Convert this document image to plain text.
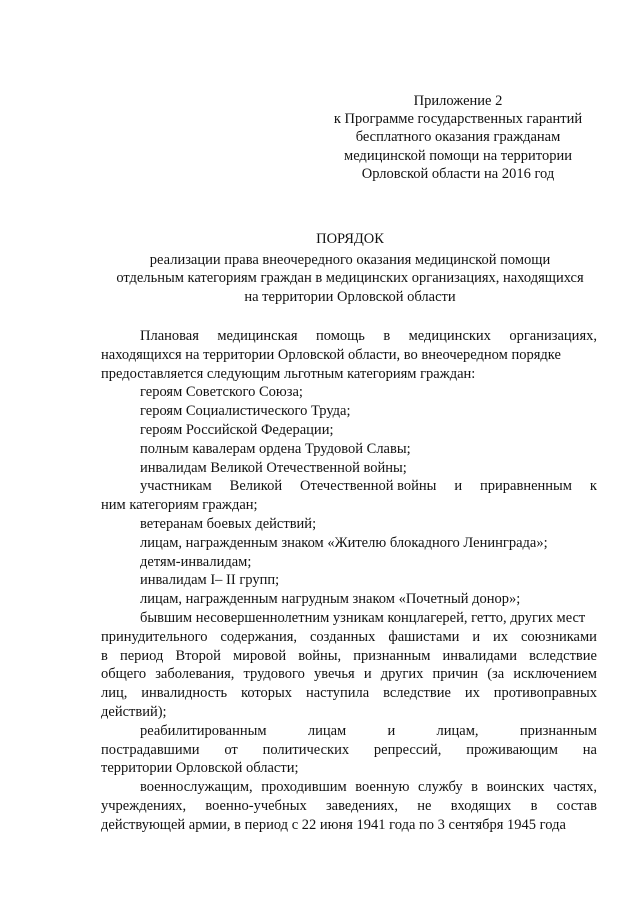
Приложение 2
к Программе государственных гарантий
бесплатного оказания гражданам
медицинской помощи на территории
Орловской области на 2016 год
ПОРЯДОК
реализации права внеочередного оказания медицинской помощи
отдельным категориям граждан в медицинских организациях, находящихся
на территории Орловской области
Плановая медицинская помощь в медицинских организациях,
находящихся на территории Орловской области, во внеочередном порядке
предоставляется следующим льготным категориям граждан:
героям Советского Союза;
героям Социалистического Труда;
героям Российской Федерации;
полным кавалерам ордена Трудовой Славы;
инвалидам Великой Отечественной войны;
участникам Великой Отечественной войны и приравненным к
ним категориям граждан;
ветеранам боевых действий;
лицам, награжденным знаком «Жителю блокадного Ленинграда»;
детям-инвалидам;
инвалидам I– II групп;
лицам, награжденным нагрудным знаком «Почетный донор»;
бывшим несовершеннолетним узникам концлагерей, гетто, других мест
принудительного содержания, созданных фашистами и их союзниками
в период Второй мировой войны, признанным инвалидами вследствие
общего заболевания, трудового увечья и других причин (за исключением
лиц, инвалидность которых наступила вследствие их противоправных
действий);
реабилитированным	лицам	и	лицам,	признанным
пострадавшими от политических репрессий, проживающим на
территории Орловской области;
военнослужащим, проходившим военную службу в воинских частях,
учреждениях, военно-учебных заведениях, не входящих в состав
действующей армии, в период с 22 июня 1941 года по 3 сентября 1945 года
